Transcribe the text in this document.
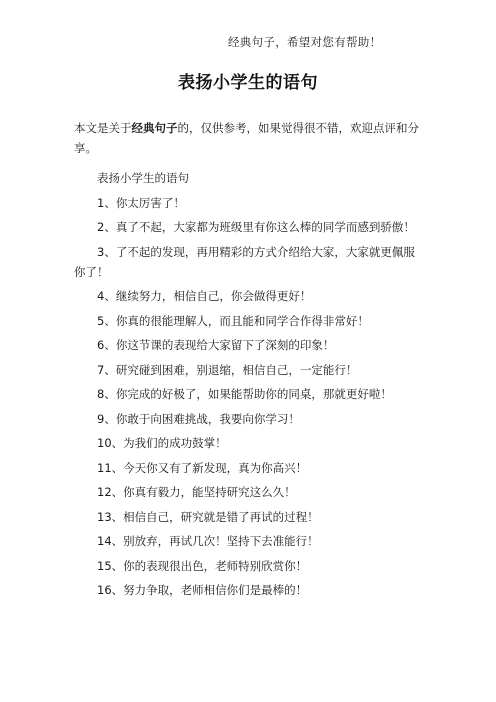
经典句子，希望对您有帮助！
表扬小学生的语句
本文是关于经典句子的，仅供参考，如果觉得很不错，欢迎点评和分享。

表扬小学生的语句

1、你太厉害了！

2、真了不起，大家都为班级里有你这么棒的同学而感到骄傲！

3、了不起的发现，再用精彩的方式介绍给大家，大家就更佩服你了！

4、继续努力，相信自己，你会做得更好！

5、你真的很能理解人，而且能和同学合作得非常好！

6、你这节课的表现给大家留下了深刻的印象！

7、研究碰到困难，别退缩，相信自己，一定能行！

8、你完成的好极了，如果能帮助你的同桌，那就更好啦！

9、你敢于向困难挑战，我要向你学习！

10、为我们的成功鼓掌！

11、今天你又有了新发现，真为你高兴！

12、你真有毅力，能坚持研究这么久！

13、相信自己，研究就是错了再试的过程！

14、别放弃，再试几次！坚持下去准能行！

15、你的表现很出色，老师特别欣赏你！

16、努力争取，老师相信你们是最棒的！
